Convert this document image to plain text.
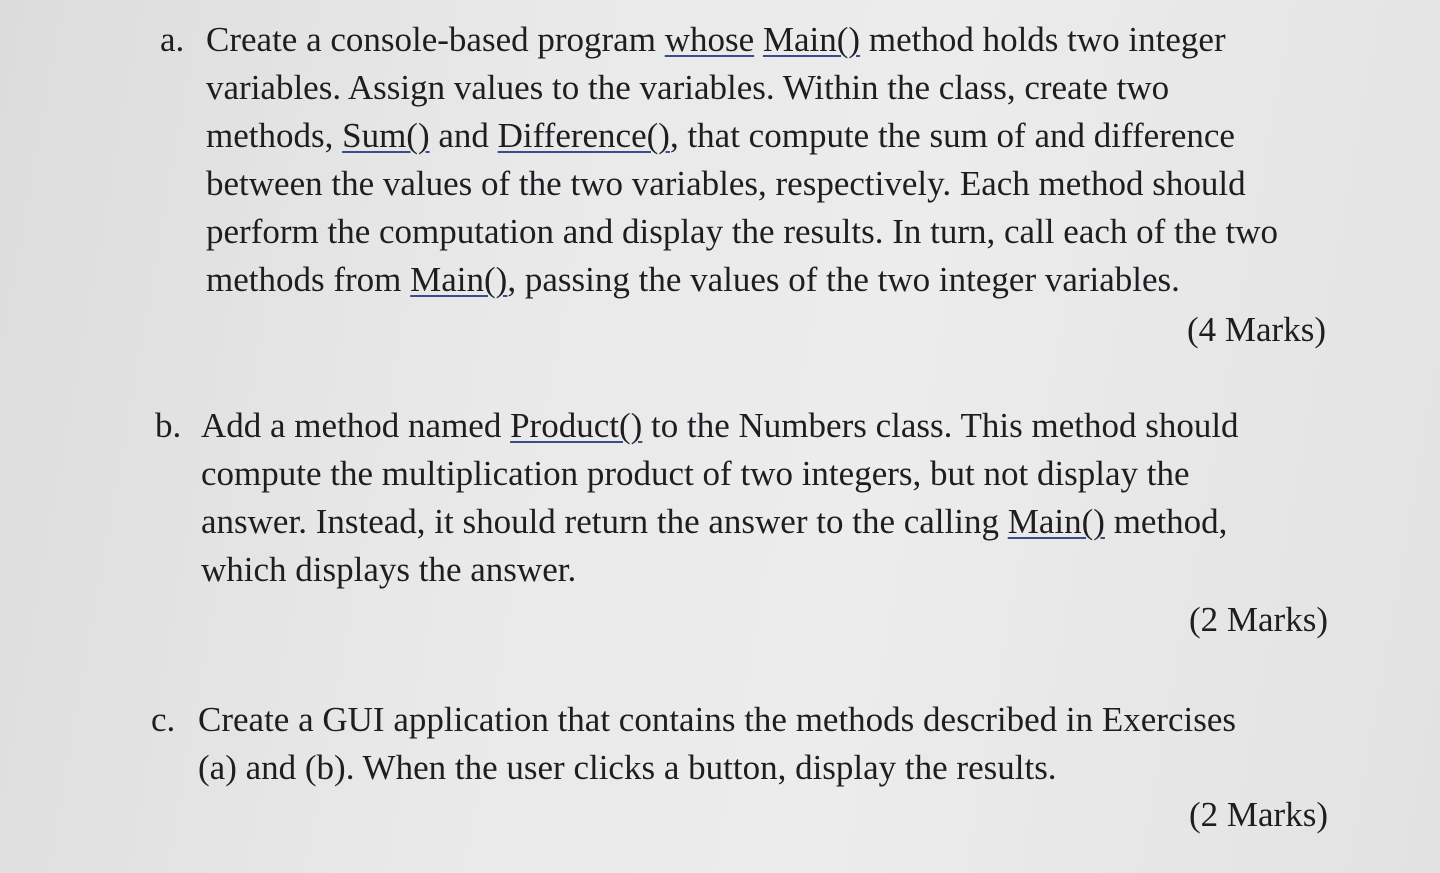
a. Create a console-based program whose Main() method holds two integer
variables. Assign values to the variables. Within the class, create two
methods, Sum() and Difference(), that compute the sum of and difference
between the values of the two variables, respectively. Each method should
perform the computation and display the results. In turn, call each of the two
methods from Main(), passing the values of the two integer variables.
(4 Marks)
b. Add a method named Product() to the Numbers class. This method should
compute the multiplication product of two integers, but not display the
answer. Instead, it should return the answer to the calling Main() method,
which displays the answer.
(2 Marks)
c. Create a GUI application that contains the methods described in Exercises
(a) and (b). When the user clicks a button, display the results.
(2 Marks)
